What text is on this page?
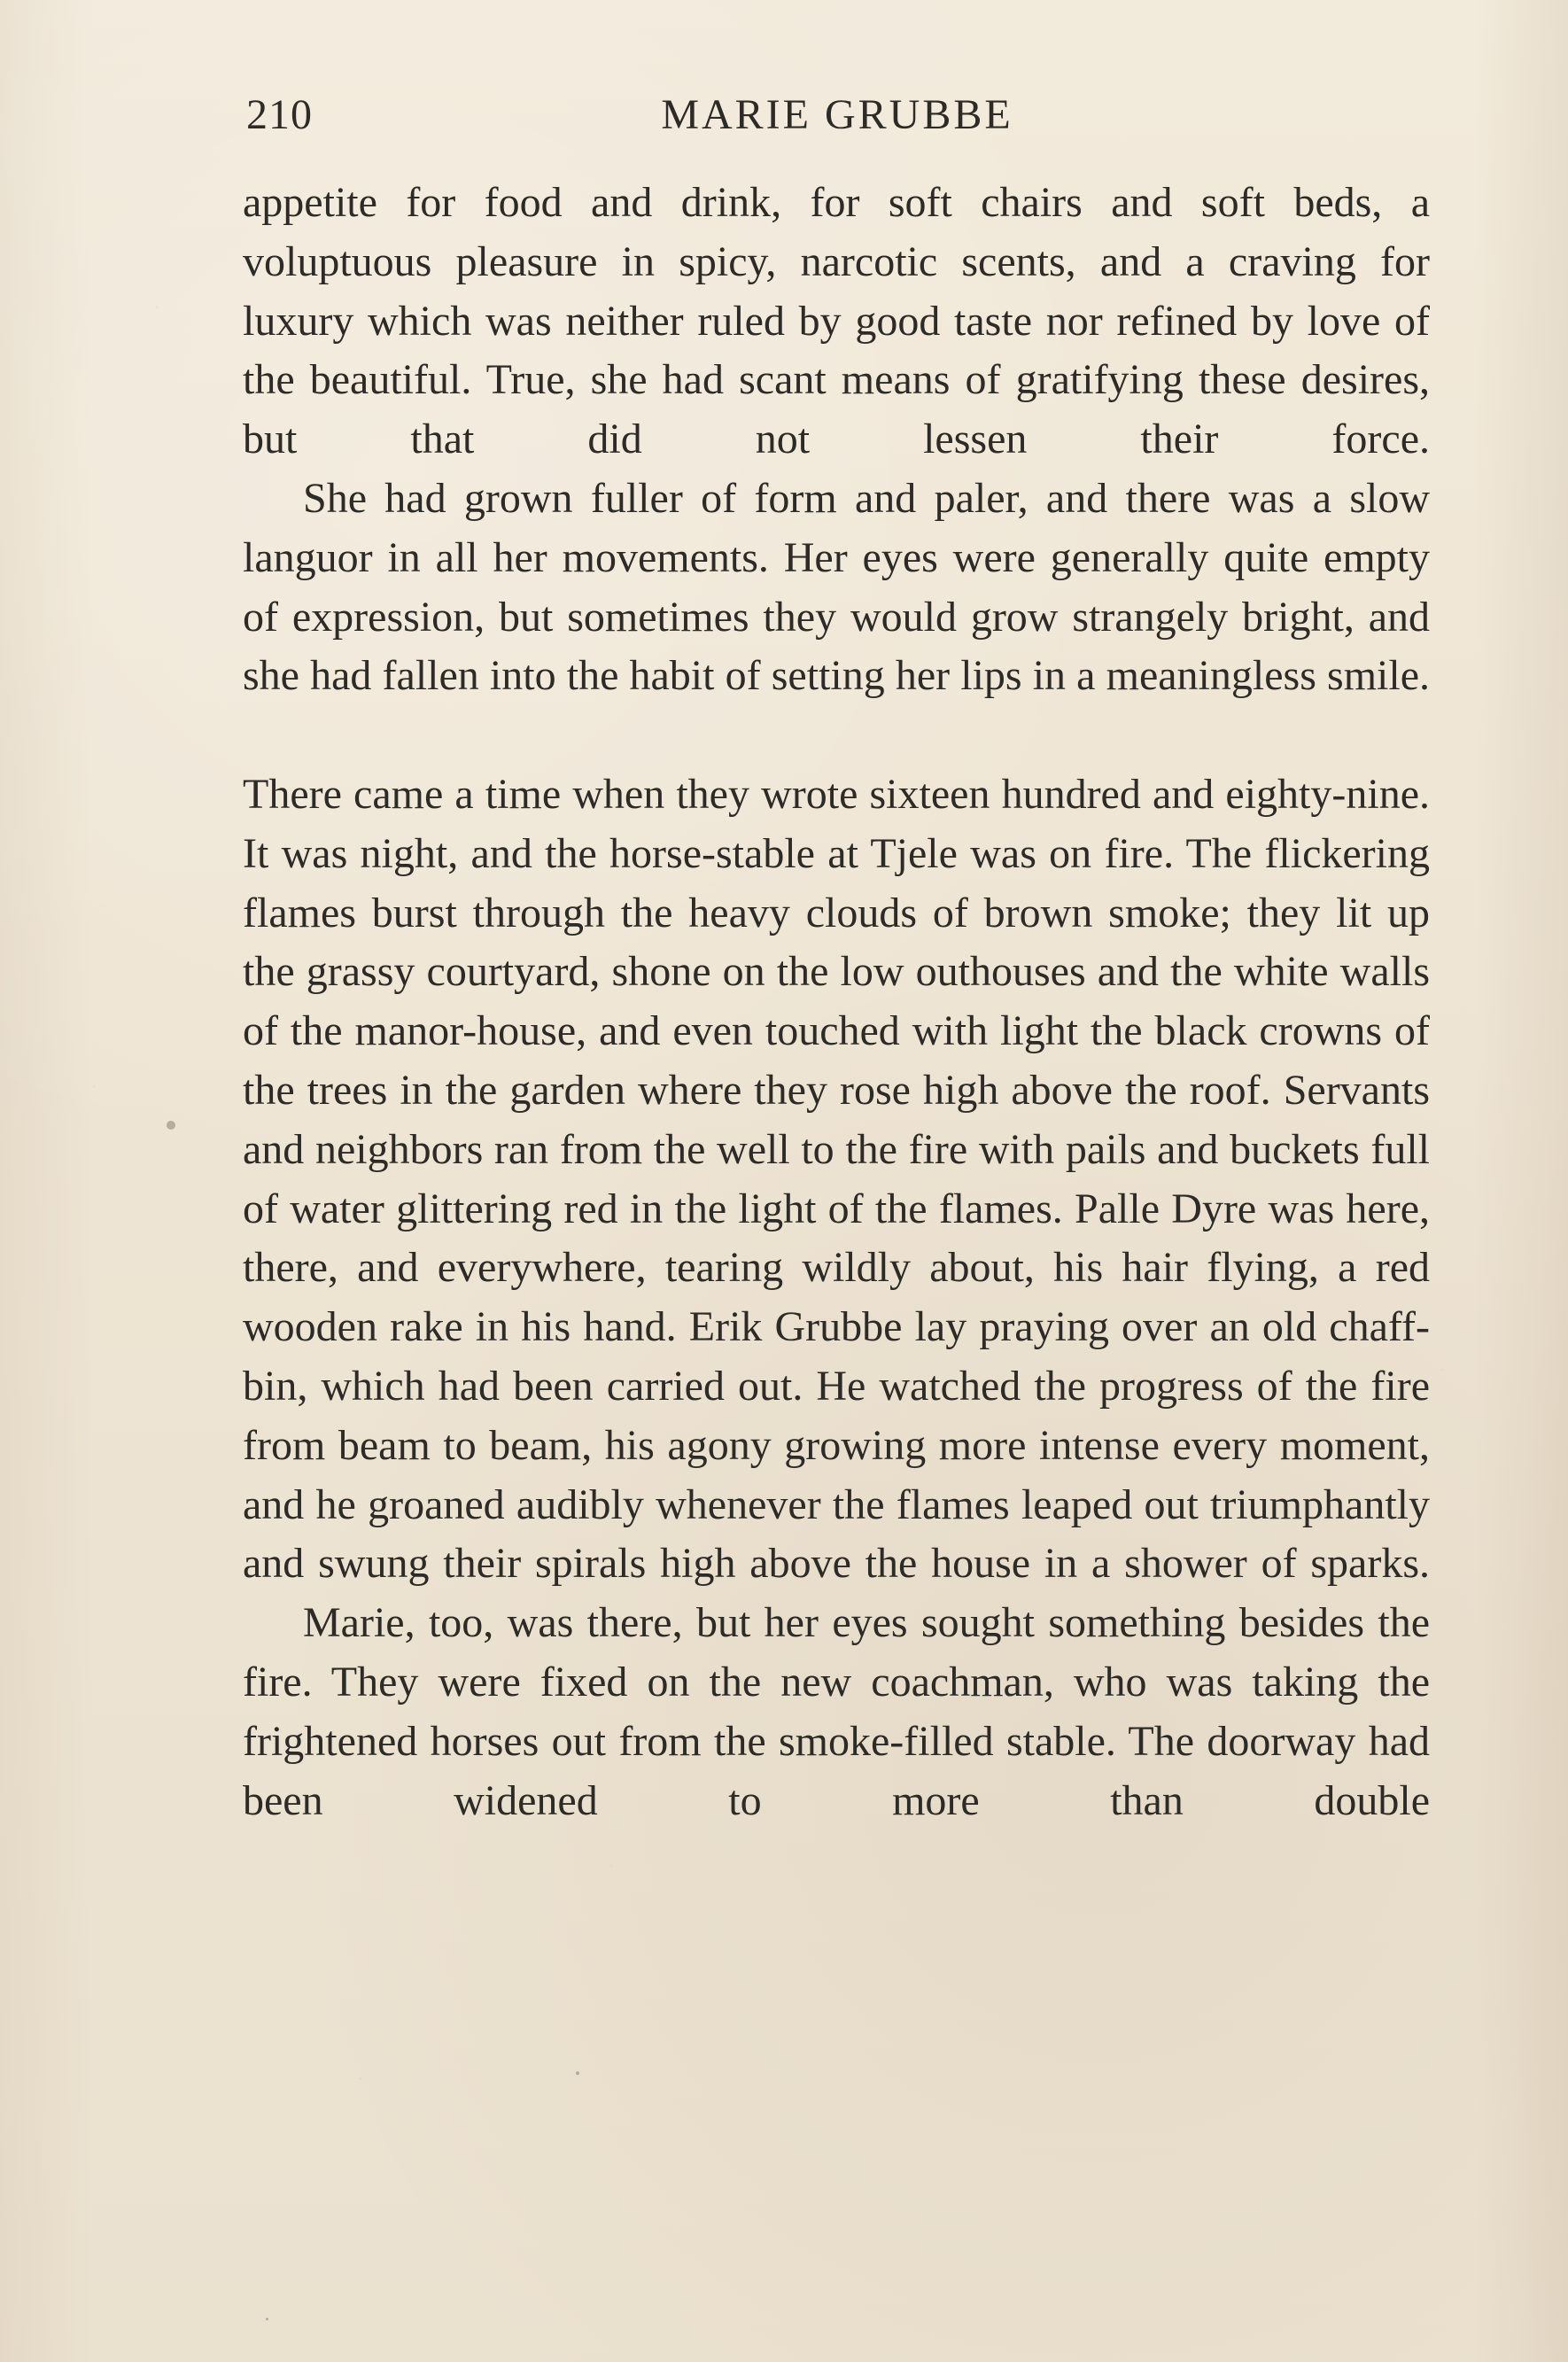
210	MARIE GRUBBE

appetite for food and drink, for soft chairs and soft beds, a voluptuous pleasure in spicy, narcotic scents, and a craving for luxury which was neither ruled by good taste nor refined by love of the beautiful. True, she had scant means of gratifying these desires, but that did not lessen their force.

She had grown fuller of form and paler, and there was a slow languor in all her movements. Her eyes were generally quite empty of expression, but sometimes they would grow strangely bright, and she had fallen into the habit of setting her lips in a meaningless smile.

There came a time when they wrote sixteen hundred and eighty-nine. It was night, and the horse-stable at Tjele was on fire. The flickering flames burst through the heavy clouds of brown smoke; they lit up the grassy courtyard, shone on the low outhouses and the white walls of the manor-house, and even touched with light the black crowns of the trees in the garden where they rose high above the roof. Servants and neighbors ran from the well to the fire with pails and buckets full of water glittering red in the light of the flames. Palle Dyre was here, there, and everywhere, tearing wildly about, his hair flying, a red wooden rake in his hand. Erik Grubbe lay praying over an old chaff-bin, which had been carried out. He watched the progress of the fire from beam to beam, his agony growing more intense every moment, and he groaned audibly whenever the flames leaped out triumphantly and swung their spirals high above the house in a shower of sparks.

Marie, too, was there, but her eyes sought something besides the fire. They were fixed on the new coachman, who was taking the frightened horses out from the smoke-filled stable. The doorway had been widened to more than double
